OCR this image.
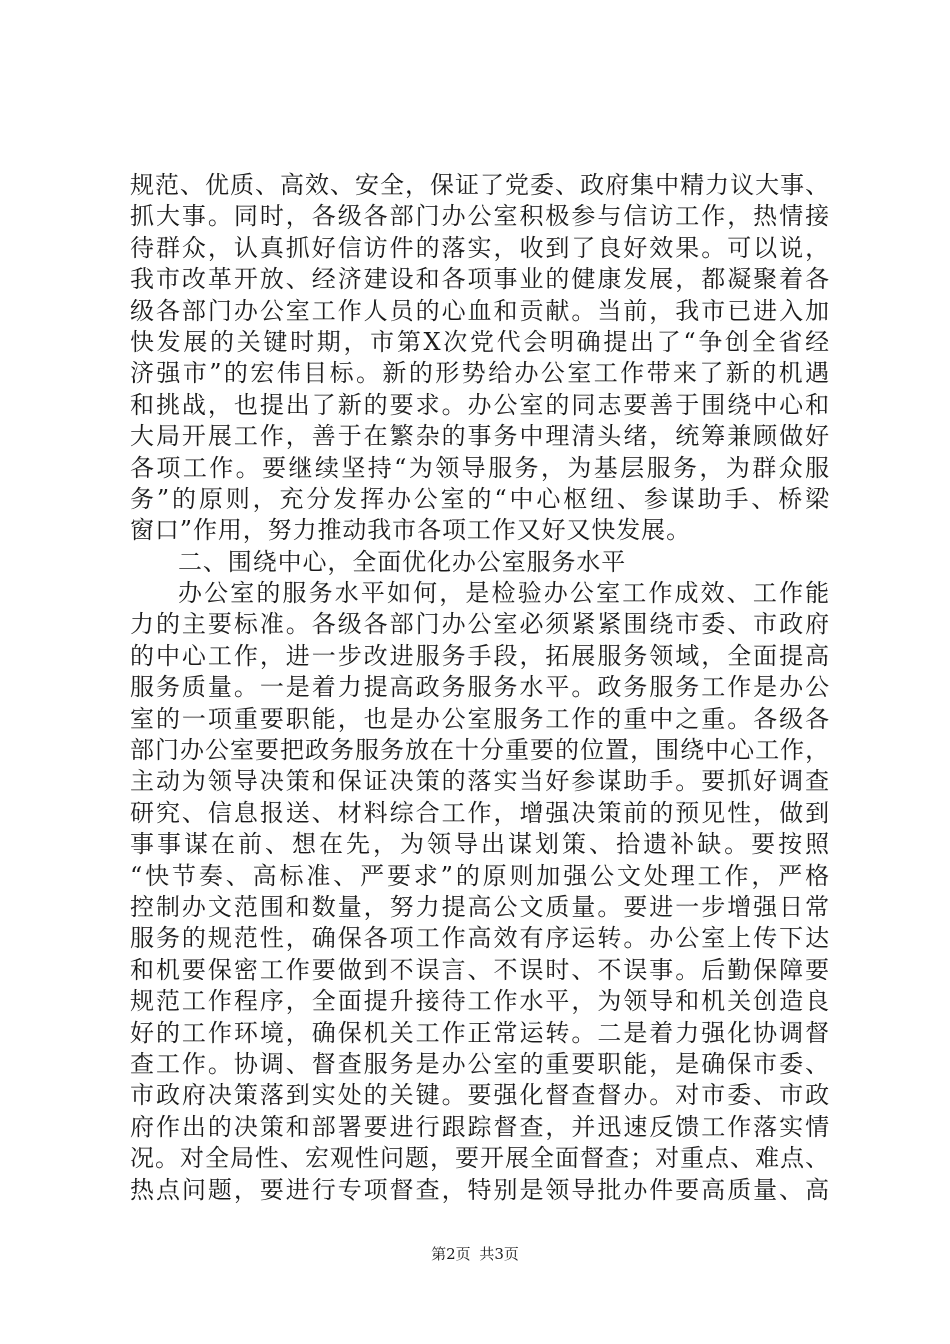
规范、优质、高效、安全，保证了党委、政府集中精力议大事、
抓大事。同时，各级各部门办公室积极参与信访工作，热情接
待群众，认真抓好信访件的落实，收到了良好效果。可以说，
我市改革开放、经济建设和各项事业的健康发展，都凝聚着各
级各部门办公室工作人员的心血和贡献。当前，我市已进入加
快发展的关键时期，市第X次党代会明确提出了“争创全省经
济强市”的宏伟目标。新的形势给办公室工作带来了新的机遇
和挑战，也提出了新的要求。办公室的同志要善于围绕中心和
大局开展工作，善于在繁杂的事务中理清头绪，统筹兼顾做好
各项工作。要继续坚持“为领导服务，为基层服务，为群众服
务”的原则，充分发挥办公室的“中心枢纽、参谋助手、桥梁
窗口”作用，努力推动我市各项工作又好又快发展。
二、围绕中心，全面优化办公室服务水平
办公室的服务水平如何，是检验办公室工作成效、工作能
力的主要标准。各级各部门办公室必须紧紧围绕市委、市政府
的中心工作，进一步改进服务手段，拓展服务领域，全面提高
服务质量。一是着力提高政务服务水平。政务服务工作是办公
室的一项重要职能，也是办公室服务工作的重中之重。各级各
部门办公室要把政务服务放在十分重要的位置，围绕中心工作，
主动为领导决策和保证决策的落实当好参谋助手。要抓好调查
研究、信息报送、材料综合工作，增强决策前的预见性，做到
事事谋在前、想在先，为领导出谋划策、拾遗补缺。要按照
“快节奏、高标准、严要求”的原则加强公文处理工作，严格
控制办文范围和数量，努力提高公文质量。要进一步增强日常
服务的规范性，确保各项工作高效有序运转。办公室上传下达
和机要保密工作要做到不误言、不误时、不误事。后勤保障要
规范工作程序，全面提升接待工作水平，为领导和机关创造良
好的工作环境，确保机关工作正常运转。二是着力强化协调督
查工作。协调、督查服务是办公室的重要职能，是确保市委、
市政府决策落到实处的关键。要强化督查督办。对市委、市政
府作出的决策和部署要进行跟踪督查，并迅速反馈工作落实情
况。对全局性、宏观性问题，要开展全面督查；对重点、难点、
热点问题，要进行专项督查，特别是领导批办件要高质量、高
第2页 共3页
